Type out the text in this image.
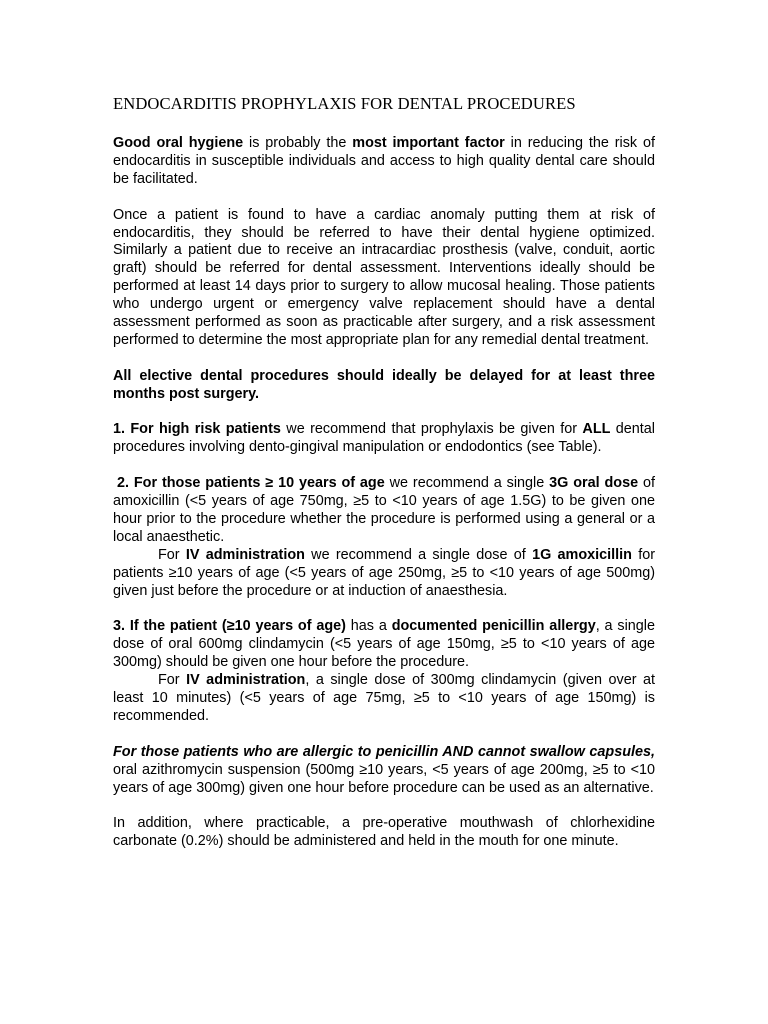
ENDOCARDITIS PROPHYLAXIS FOR DENTAL PROCEDURES

Good oral hygiene is probably the most important factor in reducing the risk of endocarditis in susceptible individuals and access to high quality dental care should be facilitated.

Once a patient is found to have a cardiac anomaly putting them at risk of endocarditis, they should be referred to have their dental hygiene optimized. Similarly a patient due to receive an intracardiac prosthesis (valve, conduit, aortic graft) should be referred for dental assessment. Interventions ideally should be performed at least 14 days prior to surgery to allow mucosal healing. Those patients who undergo urgent or emergency valve replacement should have a dental assessment performed as soon as practicable after surgery, and a risk assessment performed to determine the most appropriate plan for any remedial dental treatment.

All elective dental procedures should ideally be delayed for at least three months post surgery.

1. For high risk patients we recommend that prophylaxis be given for ALL dental procedures involving dento-gingival manipulation or endodontics (see Table).

2. For those patients ≥ 10 years of age we recommend a single 3G oral dose of amoxicillin (<5 years of age 750mg, ≥5 to <10 years of age 1.5G) to be given one hour prior to the procedure whether the procedure is performed using a general or a local anaesthetic.

For IV administration we recommend a single dose of 1G amoxicillin for patients ≥10 years of age (<5 years of age 250mg, ≥5 to <10 years of age 500mg) given just before the procedure or at induction of anaesthesia.

3. If the patient (≥10 years of age) has a documented penicillin allergy, a single dose of oral 600mg clindamycin (<5 years of age 150mg, ≥5 to <10 years of age 300mg) should be given one hour before the procedure.

For IV administration, a single dose of 300mg clindamycin (given over at least 10 minutes) (<5 years of age 75mg, ≥5 to <10 years of age 150mg) is recommended.

For those patients who are allergic to penicillin AND cannot swallow capsules, oral azithromycin suspension (500mg ≥10 years, <5 years of age 200mg, ≥5 to <10 years of age 300mg) given one hour before procedure can be used as an alternative.

In addition, where practicable, a pre-operative mouthwash of chlorhexidine carbonate (0.2%) should be administered and held in the mouth for one minute.
